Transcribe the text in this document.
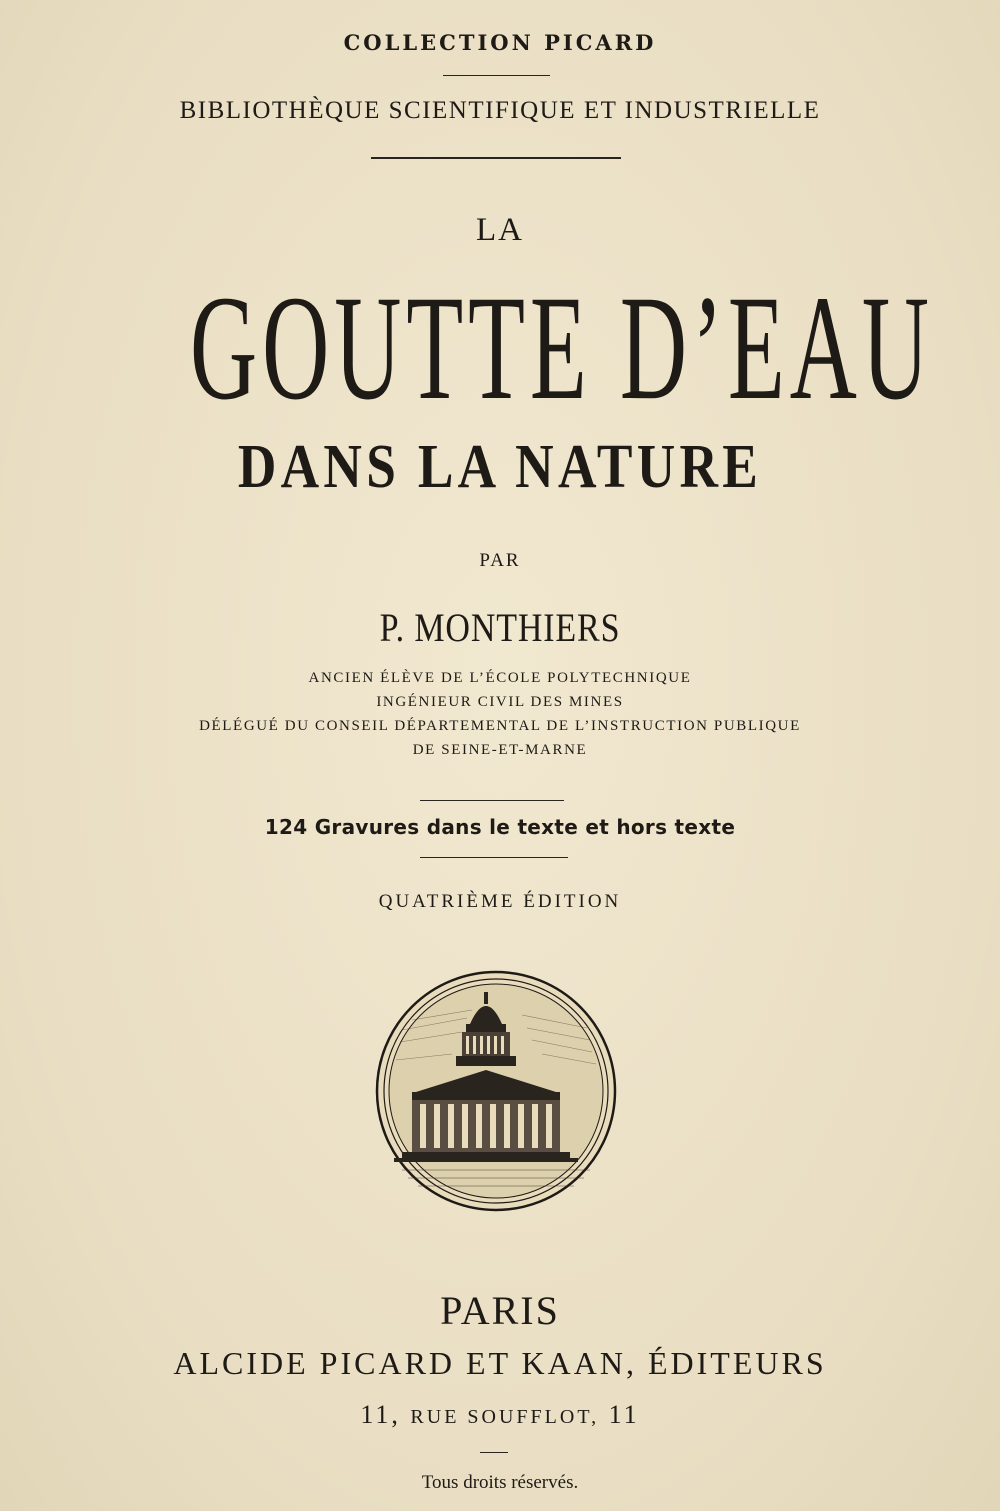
COLLECTION PICARD
BIBLIOTHÈQUE SCIENTIFIQUE ET INDUSTRIELLE
LA
GOUTTE D’EAU
DANS LA NATURE
PAR
P. MONTHIERS
ANCIEN ÉLÈVE DE L’ÉCOLE POLYTECHNIQUE
INGÉNIEUR CIVIL DES MINES
DÉLÉGUÉ DU CONSEIL DÉPARTEMENTAL DE L’INSTRUCTION PUBLIQUE
DE SEINE-ET-MARNE
124 Gravures dans le texte et hors texte
QUATRIÈME ÉDITION
PARIS
ALCIDE PICARD ET KAAN, ÉDITEURS
11, RUE SOUFFLOT, 11
Tous droits réservés.
